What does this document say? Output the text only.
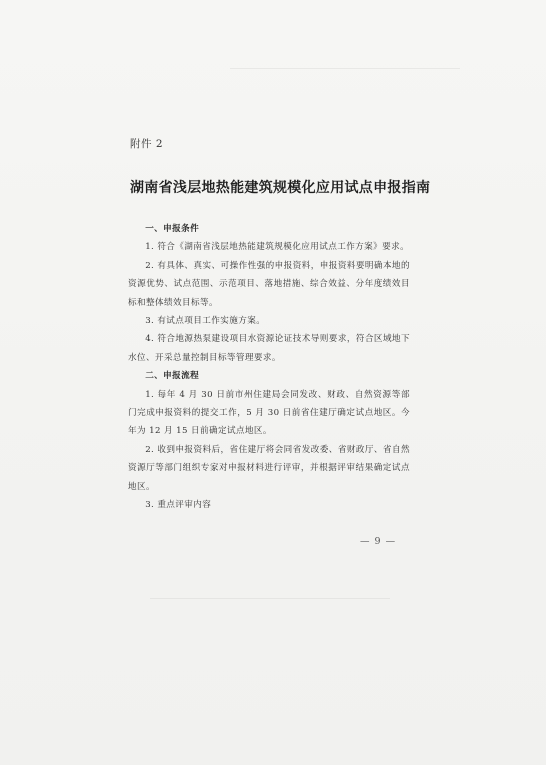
附件 2
湖南省浅层地热能建筑规模化应用试点申报指南

一、申报条件

1. 符合《湖南省浅层地热能建筑规模化应用试点工作方案》要求。

2. 有具体、真实、可操作性强的申报资料，申报资料要明确本地的资源优势、试点范围、示范项目、落地措施、综合效益、分年度绩效目标和整体绩效目标等。

3. 有试点项目工作实施方案。

4. 符合地源热泵建设项目水资源论证技术导则要求，符合区域地下水位、开采总量控制目标等管理要求。

二、申报流程

1. 每年 4 月 30 日前市州住建局会同发改、财政、自然资源等部门完成申报资料的提交工作，5 月 30 日前省住建厅确定试点地区。今年为 12 月 15 日前确定试点地区。

2. 收到申报资料后，省住建厅将会同省发改委、省财政厅、省自然资源厅等部门组织专家对申报材料进行评审，并根据评审结果确定试点地区。

3. 重点评审内容

— 9 —
